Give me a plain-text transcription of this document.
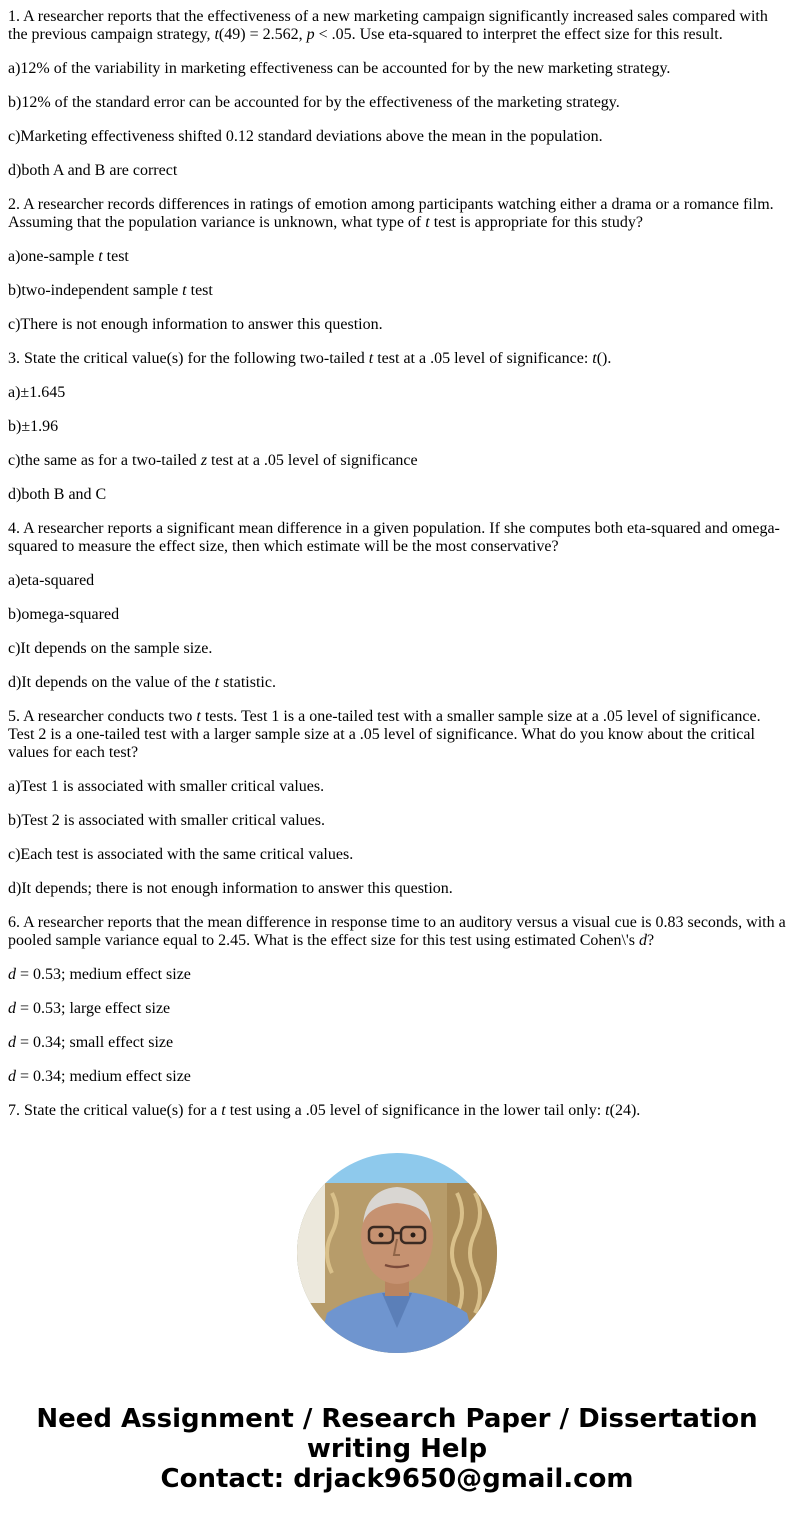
1. A researcher reports that the effectiveness of a new marketing campaign significantly increased sales compared with the previous campaign strategy, t(49) = 2.562, p < .05. Use eta-squared to interpret the effect size for this result.

a)12% of the variability in marketing effectiveness can be accounted for by the new marketing strategy.

b)12% of the standard error can be accounted for by the effectiveness of the marketing strategy.

c)Marketing effectiveness shifted 0.12 standard deviations above the mean in the population.

d)both A and B are correct

2. A researcher records differences in ratings of emotion among participants watching either a drama or a romance film. Assuming that the population variance is unknown, what type of t test is appropriate for this study?

a)one-sample t test

b)two-independent sample t test

c)There is not enough information to answer this question.

3. State the critical value(s) for the following two-tailed t test at a .05 level of significance: t().

a)±1.645

b)±1.96

c)the same as for a two-tailed z test at a .05 level of significance

d)both B and C

4. A researcher reports a significant mean difference in a given population. If she computes both eta-squared and omega-squared to measure the effect size, then which estimate will be the most conservative?

a)eta-squared

b)omega-squared

c)It depends on the sample size.

d)It depends on the value of the t statistic.

5. A researcher conducts two t tests. Test 1 is a one-tailed test with a smaller sample size at a .05 level of significance. Test 2 is a one-tailed test with a larger sample size at a .05 level of significance. What do you know about the critical values for each test?

a)Test 1 is associated with smaller critical values.

b)Test 2 is associated with smaller critical values.

c)Each test is associated with the same critical values.

d)It depends; there is not enough information to answer this question.

6. A researcher reports that the mean difference in response time to an auditory versus a visual cue is 0.83 seconds, with a pooled sample variance equal to 2.45. What is the effect size for this test using estimated Cohen\'s d?

d = 0.53; medium effect size

d = 0.53; large effect size

d = 0.34; small effect size

d = 0.34; medium effect size

7. State the critical value(s) for a t test using a .05 level of significance in the lower tail only: t(24).

Need Assignment / Research Paper / Dissertation
writing Help
Contact: drjack9650@gmail.com
